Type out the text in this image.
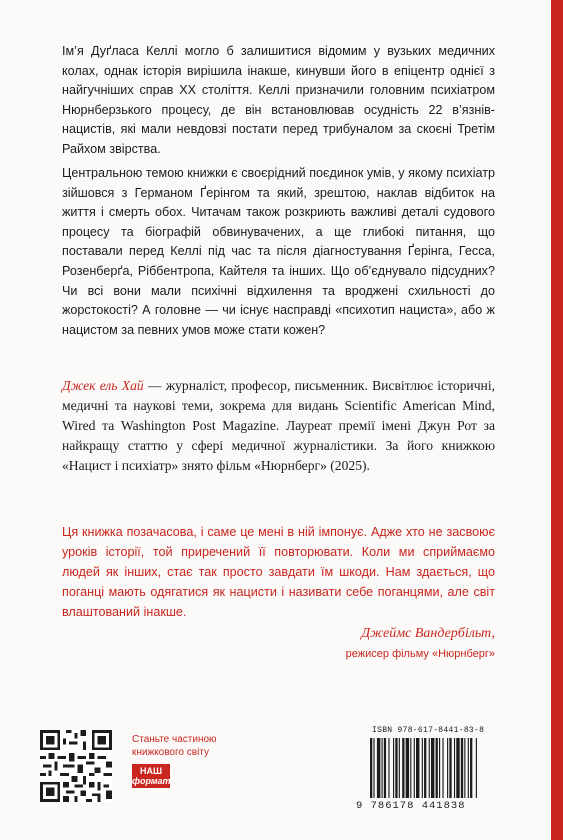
Ім’я Дуґласа Келлі могло б залишитися відомим у вузьких медичних колах, однак історія вирішила інакше, кинувши його в епіцентр однієї з найгучніших справ ХХ століття. Келлі призначили головним психіатром Нюрнберзького процесу, де він встановлював осудність 22 в’язнів-нацистів, які мали невдовзі постати перед трибуналом за скоєні Третім Райхом звірства.

Центральною темою книжки є своєрідний поєдинок умів, у якому психіатр зійшовся з Германом Ґерінгом та який, зрештою, наклав відбиток на життя і смерть обох. Читачам також розкриють важливі деталі судового процесу та біографій обвинувачених, а ще глибокі питання, що поставали перед Келлі під час та після діагностування Ґерінга, Гесса, Розенберґа, Ріббентропа, Кайтеля та інших. Що об’єднувало підсудних? Чи всі вони мали психічні відхилення та вроджені схильності до жорстокості? А головне — чи існує насправді «психотип нациста», або ж нацистом за певних умов може стати кожен?

Джек ель Хай — журналіст, професор, письменник. Висвітлює історичні, медичні та наукові теми, зокрема для видань Scientific American Mind, Wired та Washington Post Magazine. Лауреат премії імені Джун Рот за найкращу статтю у сфері медичної журналістики. За його книжкою «Нацист і психіатр» знято фільм «Нюрнберг» (2025).

Ця книжка позачасова, і саме це мені в ній імпонує. Адже хто не засвоює уроків історії, той приречений її повторювати. Коли ми сприймаємо людей як інших, стає так просто завдати їм шкоди. Нам здається, що поганці мають одягатися як нацисти і називати себе поганцями, але світ влаштований інакше.

Джеймс Вандербільт,

режисер фільму «Нюрнберг»

Станьте частиною
книжкового світу
НАШ
формат
ISBN 978-617-8441-83-8
9 786178 441838
